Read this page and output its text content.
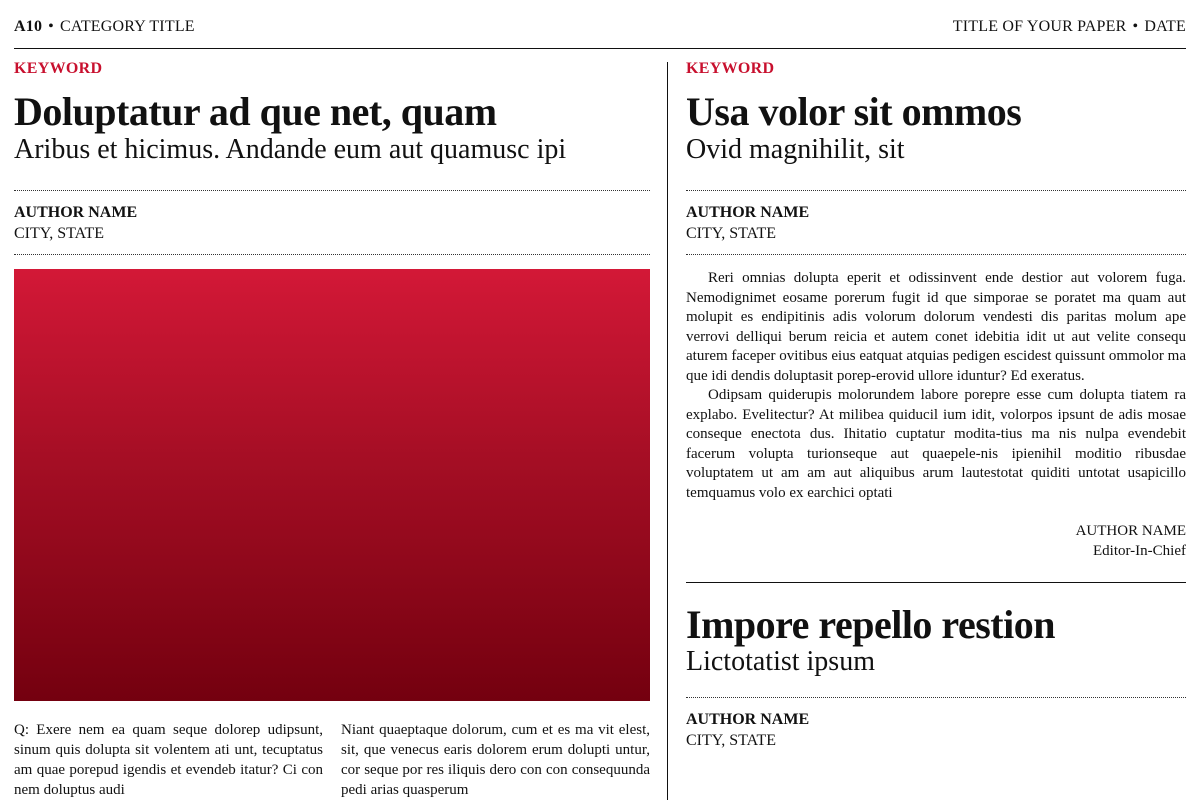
A10 • CATEGORY TITLE	TITLE OF YOUR PAPER • DATE
KEYWORD
Doluptatur ad que net, quam
Aribus et hicimus. Andande eum aut quamusc ipi
AUTHOR NAME
CITY, STATE

Q: Exere nem ea quam seque dolorep udipsunt, sinum quis dolupta sit volentem ati unt, tecuptatus am quae porepud igendis et evendeb itatur? Ci con nem doluptus audi

Niant quaeptaque dolorum, cum et es ma vit elest, sit, que venecus earis dolorem erum dolupti untur, cor seque por res iliquis dero con con consequunda pedi arias quasperum

KEYWORD
Usa volor sit ommos
Ovid magnihilit, sit
AUTHOR NAME
CITY, STATE

Reri omnias dolupta eperit et odissinvent ende destior aut volorem fuga. Nemodignimet eosame porerum fugit id que simporae se poratet ma quam aut molupit es endipitinis adis volorum dolorum vendesti dis paritas molum ape verrovi delliqui berum reicia et autem conet idebitia idit ut aut velite consequ aturem faceper ovitibus eius eatquat atquias pedigen escidest quissunt ommolor ma que idi dendis doluptasit porep-erovid ullore iduntur? Ed exeratus.

Odipsam quiderupis molorundem labore porepre esse cum dolupta tiatem ra explabo. Evelitectur? At milibea quiducil ium idit, volorpos ipsunt de adis mosae conseque enectota dus. Ihitatio cuptatur modita-tius ma nis nulpa evendebit facerum volupta turionseque aut quaepele-nis ipienihil moditio ribusdae voluptatem ut am am aut aliquibus arum lautestotat quiditi untotat usapicillo temquamus volo ex earchici optati

AUTHOR NAME
Editor-In-Chief
Impore repello restion
Lictotatist ipsum
AUTHOR NAME
CITY, STATE
